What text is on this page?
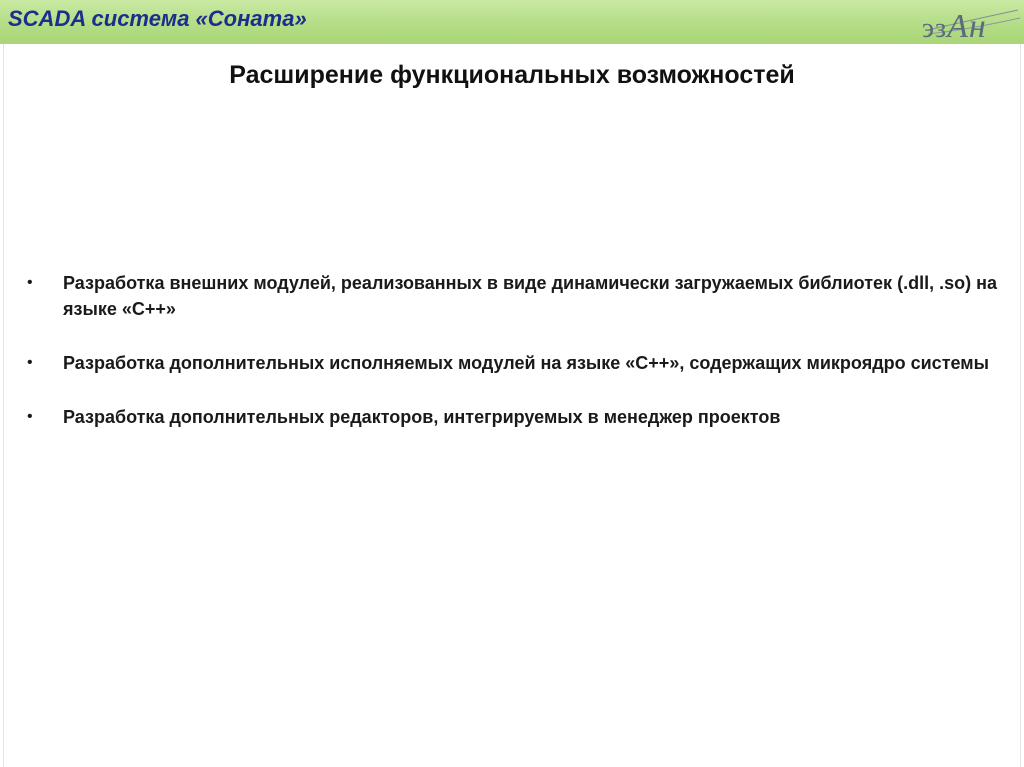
SCADA система «Соната»	эзАн
Расширение функциональных возможностей
• Разработка внешних модулей, реализованных в виде динамически загружаемых библиотек (.dll, .so) на языке «С++»
• Разработка дополнительных исполняемых модулей на языке «С++», содержащих микроядро системы
• Разработка дополнительных редакторов, интегрируемых в менеджер проектов
